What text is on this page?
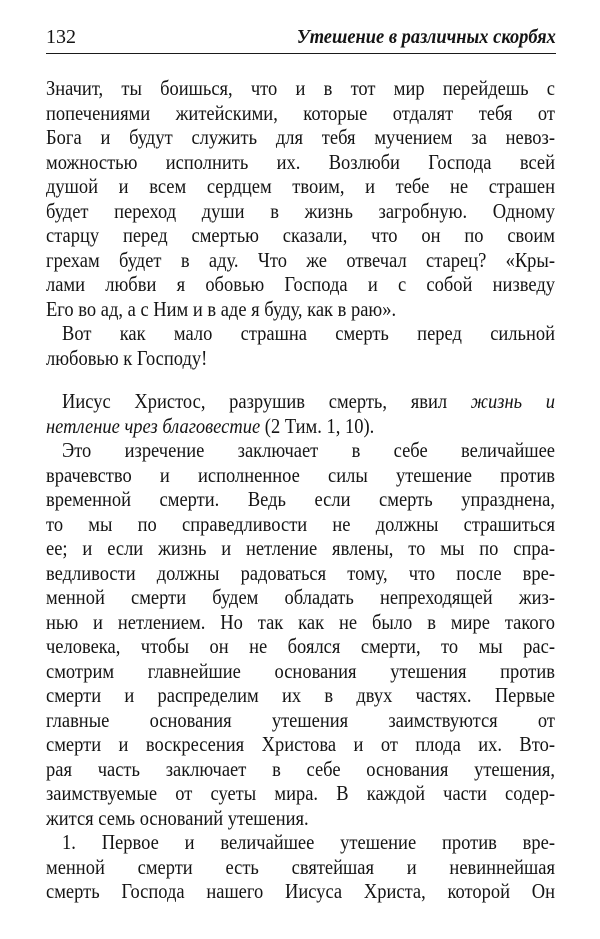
132	Утешение в различных скорбях
Значит, ты боишься, что и в тот мир перейдешь с
попечениями житейскими, которые отдалят тебя от
Бога и будут служить для тебя мучением за невоз-
можностью исполнить их. Возлюби Господа всей
душой и всем сердцем твоим, и тебе не страшен
будет переход души в жизнь загробную. Одному
старцу перед смертью сказали, что он по своим
грехам будет в аду. Что же отвечал старец? «Кры-
лами любви я обовью Господа и с собой низведу
Его во ад, а с Ним и в аде я буду, как в раю».
Вот как мало страшна смерть перед сильной
любовью к Господу!
Иисус Христос, разрушив смерть, явил жизнь и
нетление чрез благовестие (2 Тим. 1, 10).
Это изречение заключает в себе величайшее
врачевство и исполненное силы утешение против
временной смерти. Ведь если смерть упразднена,
то мы по справедливости не должны страшиться
ее; и если жизнь и нетление явлены, то мы по спра-
ведливости должны радоваться тому, что после вре-
менной смерти будем обладать непреходящей жиз-
нью и нетлением. Но так как не было в мире такого
человека, чтобы он не боялся смерти, то мы рас-
смотрим главнейшие основания утешения против
смерти и распределим их в двух частях. Первые
главные основания утешения заимствуются от
смерти и воскресения Христова и от плода их. Вто-
рая часть заключает в себе основания утешения,
заимствуемые от суеты мира. В каждой части содер-
жится семь оснований утешения.
1. Первое и величайшее утешение против вре-
менной смерти есть святейшая и невиннейшая
смерть Господа нашего Иисуса Христа, которой Он
